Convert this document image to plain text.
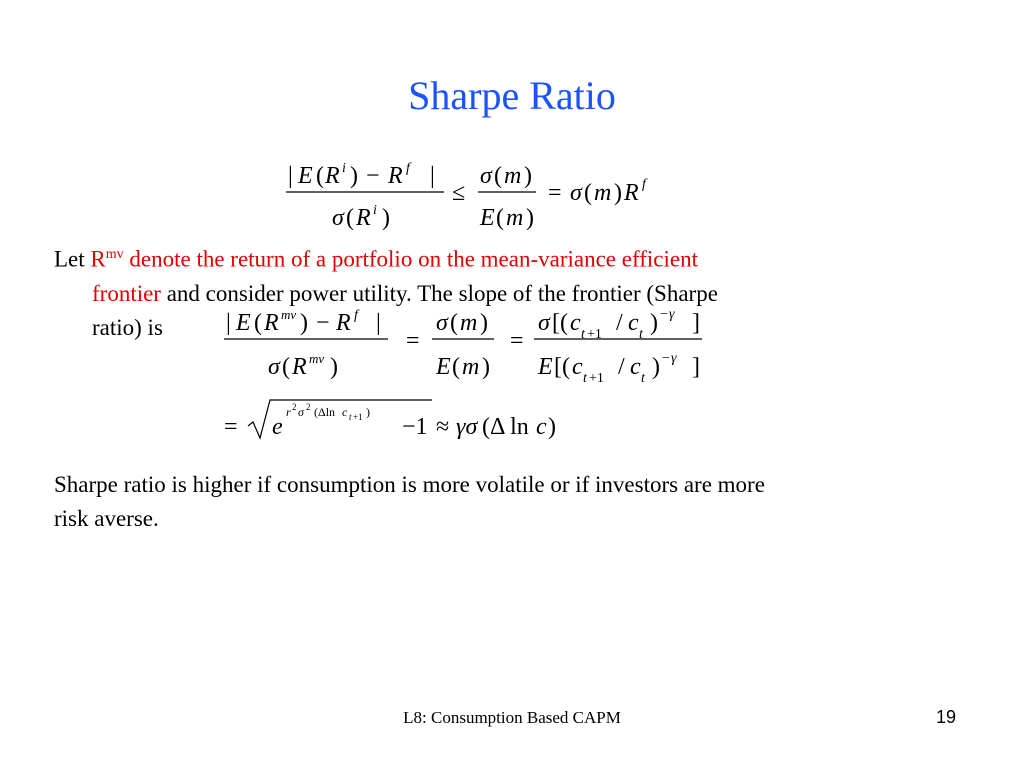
Sharpe Ratio
| E ( R i ) − R f |
σ ( R i )
≤
σ ( m )
E ( m )
= σ ( m ) R f
Let $R^{mv}$ denote the return of a portfolio on the mean-variance efficient
frontier and consider power utility. The slope of the frontier (Sharpe
ratio) is	| E ( R mv ) − R f |
σ ( R mv )
=
σ ( m )
E ( m )
=
σ [( c t +1 / c t ) − γ ]
E [( c t +1 / c t ) − γ ]
= e
r 2 σ 2 (Δln c t +1 )
−1 ≈ γσ (Δ ln c )
Sharpe ratio is higher if consumption is more volatile or if investors are more
risk averse.
L8: Consumption Based CAPM	19
